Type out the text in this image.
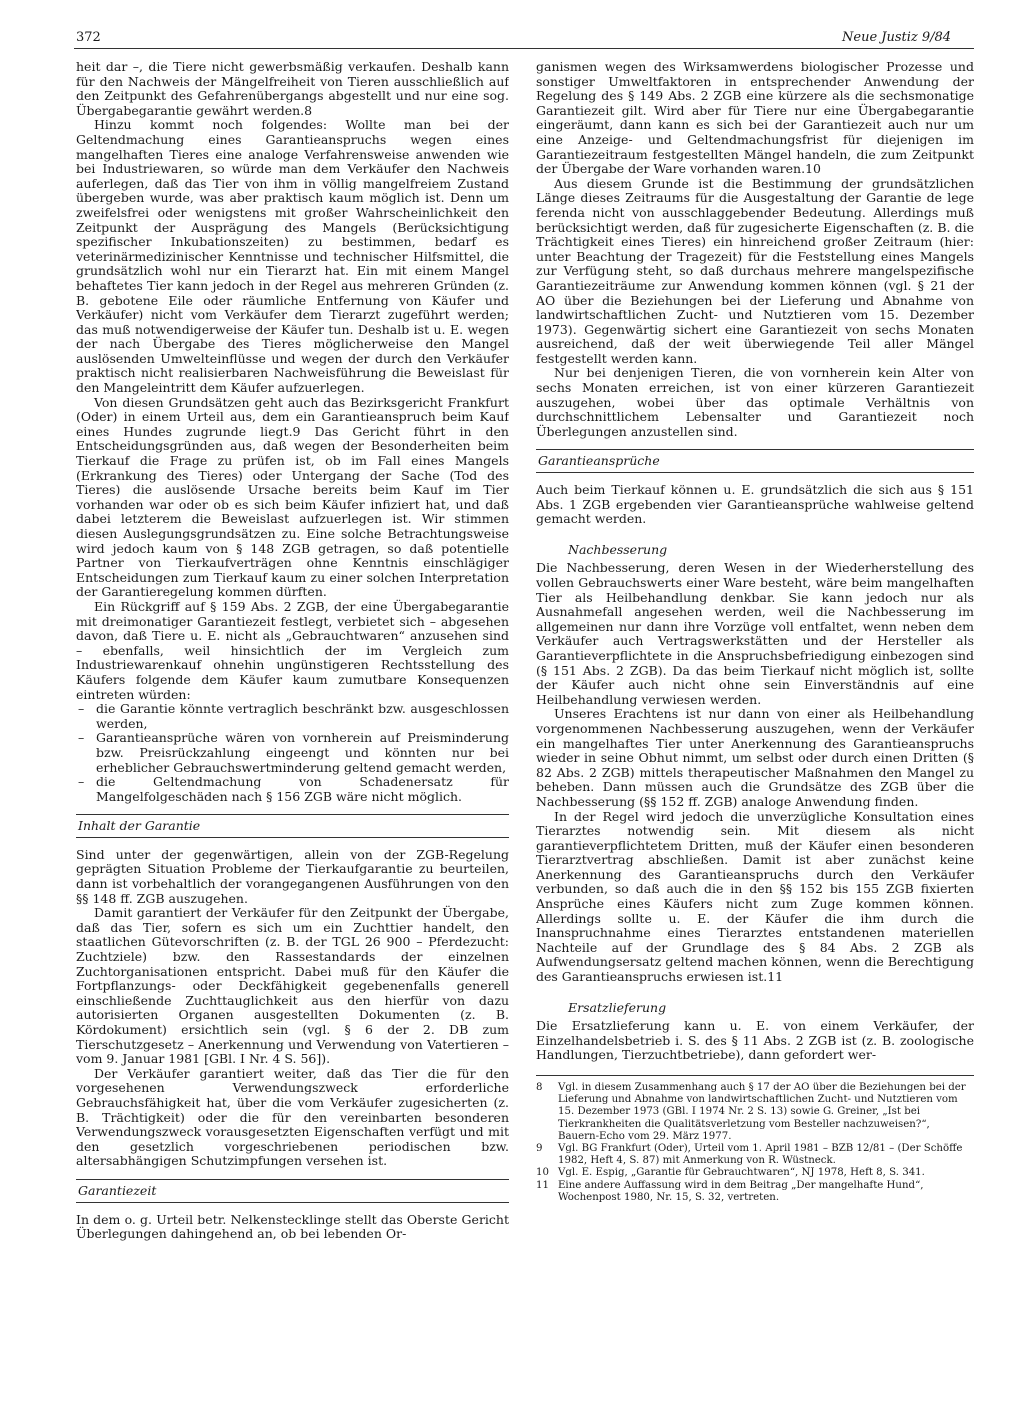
372	Neue Justiz 9/84

heit dar –, die Tiere nicht gewerbsmäßig verkaufen. Deshalb kann für den Nachweis der Mängelfreiheit von Tieren ausschließlich auf den Zeitpunkt des Gefahrenübergangs abgestellt und nur eine sog. Übergabegarantie gewährt werden.8

Hinzu kommt noch folgendes: Wollte man bei der Geltendmachung eines Garantieanspruchs wegen eines mangelhaften Tieres eine analoge Verfahrensweise anwenden wie bei Industriewaren, so würde man dem Verkäufer den Nachweis auferlegen, daß das Tier von ihm in völlig mangelfreiem Zustand übergeben wurde, was aber praktisch kaum möglich ist. Denn um zweifelsfrei oder wenigstens mit großer Wahrscheinlichkeit den Zeitpunkt der Ausprägung des Mangels (Berücksichtigung spezifischer Inkubationszeiten) zu bestimmen, bedarf es veterinärmedizinischer Kenntnisse und technischer Hilfsmittel, die grundsätzlich wohl nur ein Tierarzt hat. Ein mit einem Mangel behaftetes Tier kann jedoch in der Regel aus mehreren Gründen (z. B. gebotene Eile oder räumliche Entfernung von Käufer und Verkäufer) nicht vom Verkäufer dem Tierarzt zugeführt werden; das muß notwendigerweise der Käufer tun. Deshalb ist u. E. wegen der nach Übergabe des Tieres möglicherweise den Mangel auslösenden Umwelteinflüsse und wegen der durch den Verkäufer praktisch nicht realisierbaren Nachweisführung die Beweislast für den Mangeleintritt dem Käufer aufzuerlegen.

Von diesen Grundsätzen geht auch das Bezirksgericht Frankfurt (Oder) in einem Urteil aus, dem ein Garantieanspruch beim Kauf eines Hundes zugrunde liegt.9 Das Gericht führt in den Entscheidungsgründen aus, daß wegen der Besonderheiten beim Tierkauf die Frage zu prüfen ist, ob im Fall eines Mangels (Erkrankung des Tieres) oder Untergang der Sache (Tod des Tieres) die auslösende Ursache bereits beim Kauf im Tier vorhanden war oder ob es sich beim Käufer infiziert hat, und daß dabei letzterem die Beweislast aufzuerlegen ist. Wir stimmen diesen Auslegungsgrundsätzen zu. Eine solche Betrachtungsweise wird jedoch kaum von § 148 ZGB getragen, so daß potentielle Partner von Tierkaufverträgen ohne Kenntnis einschlägiger Entscheidungen zum Tierkauf kaum zu einer solchen Interpretation der Garantieregelung kommen dürften.

Ein Rückgriff auf § 159 Abs. 2 ZGB, der eine Übergabegarantie mit dreimonatiger Garantiezeit festlegt, verbietet sich – abgesehen davon, daß Tiere u. E. nicht als „Gebrauchtwaren“ anzusehen sind – ebenfalls, weil hinsichtlich der im Vergleich zum Industriewarenkauf ohnehin ungünstigeren Rechtsstellung des Käufers folgende dem Käufer kaum zumutbare Konsequenzen eintreten würden:

– die Garantie könnte vertraglich beschränkt bzw. ausgeschlossen werden,
– Garantieansprüche wären von vornherein auf Preisminderung bzw. Preisrückzahlung eingeengt und könnten nur bei erheblicher Gebrauchswertminderung geltend gemacht werden,
– die Geltendmachung von Schadenersatz für Mangelfolgeschäden nach § 156 ZGB wäre nicht möglich.
Inhalt der Garantie

Sind unter der gegenwärtigen, allein von der ZGB-Regelung geprägten Situation Probleme der Tierkaufgarantie zu beurteilen, dann ist vorbehaltlich der vorangegangenen Ausführungen von den §§ 148 ff. ZGB auszugehen.

Damit garantiert der Verkäufer für den Zeitpunkt der Übergabe, daß das Tier, sofern es sich um ein Zuchttier handelt, den staatlichen Gütevorschriften (z. B. der TGL 26 900 – Pferdezucht: Zuchtziele) bzw. den Rassestandards der einzelnen Zuchtorganisationen entspricht. Dabei muß für den Käufer die Fortpflanzungs- oder Deckfähigkeit gegebenenfalls generell einschließende Zuchttauglichkeit aus den hierfür von dazu autorisierten Organen ausgestellten Dokumenten (z. B. Kördokument) ersichtlich sein (vgl. § 6 der 2. DB zum Tierschutzgesetz – Anerkennung und Verwendung von Vatertieren – vom 9. Januar 1981 [GBl. I Nr. 4 S. 56]).

Der Verkäufer garantiert weiter, daß das Tier die für den vorgesehenen Verwendungszweck erforderliche Gebrauchsfähigkeit hat, über die vom Verkäufer zugesicherten (z. B. Trächtigkeit) oder die für den vereinbarten besonderen Verwendungszweck vorausgesetzten Eigenschaften verfügt und mit den gesetzlich vorgeschriebenen periodischen bzw. altersabhängigen Schutzimpfungen versehen ist.

Garantiezeit

In dem o. g. Urteil betr. Nelkenstecklinge stellt das Oberste Gericht Überlegungen dahingehend an, ob bei lebenden Or-

ganismen wegen des Wirksamwerdens biologischer Prozesse und sonstiger Umweltfaktoren in entsprechender Anwendung der Regelung des § 149 Abs. 2 ZGB eine kürzere als die sechsmonatige Garantiezeit gilt. Wird aber für Tiere nur eine Übergabegarantie eingeräumt, dann kann es sich bei der Garantiezeit auch nur um eine Anzeige- und Geltendmachungsfrist für diejenigen im Garantiezeitraum festgestellten Mängel handeln, die zum Zeitpunkt der Übergabe der Ware vorhanden waren.10

Aus diesem Grunde ist die Bestimmung der grundsätzlichen Länge dieses Zeitraums für die Ausgestaltung der Garantie de lege ferenda nicht von ausschlaggebender Bedeutung. Allerdings muß berücksichtigt werden, daß für zugesicherte Eigenschaften (z. B. die Trächtigkeit eines Tieres) ein hinreichend großer Zeitraum (hier: unter Beachtung der Tragezeit) für die Feststellung eines Mangels zur Verfügung steht, so daß durchaus mehrere mangelspezifische Garantiezeiträume zur Anwendung kommen können (vgl. § 21 der AO über die Beziehungen bei der Lieferung und Abnahme von landwirtschaftlichen Zucht- und Nutztieren vom 15. Dezember 1973). Gegenwärtig sichert eine Garantiezeit von sechs Monaten ausreichend, daß der weit überwiegende Teil aller Mängel festgestellt werden kann.

Nur bei denjenigen Tieren, die von vornherein kein Alter von sechs Monaten erreichen, ist von einer kürzeren Garantiezeit auszugehen, wobei über das optimale Verhältnis von durchschnittlichem Lebensalter und Garantiezeit noch Überlegungen anzustellen sind.

Garantieansprüche

Auch beim Tierkauf können u. E. grundsätzlich die sich aus § 151 Abs. 1 ZGB ergebenden vier Garantieansprüche wahlweise geltend gemacht werden.

Nachbesserung

Die Nachbesserung, deren Wesen in der Wiederherstellung des vollen Gebrauchswerts einer Ware besteht, wäre beim mangelhaften Tier als Heilbehandlung denkbar. Sie kann jedoch nur als Ausnahmefall angesehen werden, weil die Nachbesserung im allgemeinen nur dann ihre Vorzüge voll entfaltet, wenn neben dem Verkäufer auch Vertragswerkstätten und der Hersteller als Garantieverpflichtete in die Anspruchsbefriedigung einbezogen sind (§ 151 Abs. 2 ZGB). Da das beim Tierkauf nicht möglich ist, sollte der Käufer auch nicht ohne sein Einverständnis auf eine Heilbehandlung verwiesen werden.

Unseres Erachtens ist nur dann von einer als Heilbehandlung vorgenommenen Nachbesserung auszugehen, wenn der Verkäufer ein mangelhaftes Tier unter Anerkennung des Garantieanspruchs wieder in seine Obhut nimmt, um selbst oder durch einen Dritten (§ 82 Abs. 2 ZGB) mittels therapeutischer Maßnahmen den Mangel zu beheben. Dann müssen auch die Grundsätze des ZGB über die Nachbesserung (§§ 152 ff. ZGB) analoge Anwendung finden.

In der Regel wird jedoch die unverzügliche Konsultation eines Tierarztes notwendig sein. Mit diesem als nicht garantieverpflichtetem Dritten, muß der Käufer einen besonderen Tierarztvertrag abschließen. Damit ist aber zunächst keine Anerkennung des Garantieanspruchs durch den Verkäufer verbunden, so daß auch die in den §§ 152 bis 155 ZGB fixierten Ansprüche eines Käufers nicht zum Zuge kommen können. Allerdings sollte u. E. der Käufer die ihm durch die Inanspruchnahme eines Tierarztes entstandenen materiellen Nachteile auf der Grundlage des § 84 Abs. 2 ZGB als Aufwendungsersatz geltend machen können, wenn die Berechtigung des Garantieanspruchs erwiesen ist.11

Ersatzlieferung

Die Ersatzlieferung kann u. E. von einem Verkäufer, der Einzelhandelsbetrieb i. S. des § 11 Abs. 2 ZGB ist (z. B. zoologische Handlungen, Tierzuchtbetriebe), dann gefordert wer-

8	Vgl. in diesem Zusammenhang auch § 17 der AO über die Beziehungen bei der Lieferung und Abnahme von landwirtschaftlichen Zucht- und Nutztieren vom 15. Dezember 1973 (GBl. I 1974 Nr. 2 S. 13) sowie G. Greiner, „Ist bei Tierkrankheiten die Qualitätsverletzung vom Besteller nachzuweisen?“, Bauern-Echo vom 29. März 1977.
9	Vgl. BG Frankfurt (Oder), Urteil vom 1. April 1981 – BZB 12/81 – (Der Schöffe 1982, Heft 4, S. 87) mit Anmerkung von R. Wüstneck.
10 Vgl. E. Espig, „Garantie für Gebrauchtwaren“, NJ 1978, Heft 8, S. 341.
11 Eine andere Auffassung wird in dem Beitrag „Der mangelhafte Hund“, Wochenpost 1980, Nr. 15, S. 32, vertreten.
